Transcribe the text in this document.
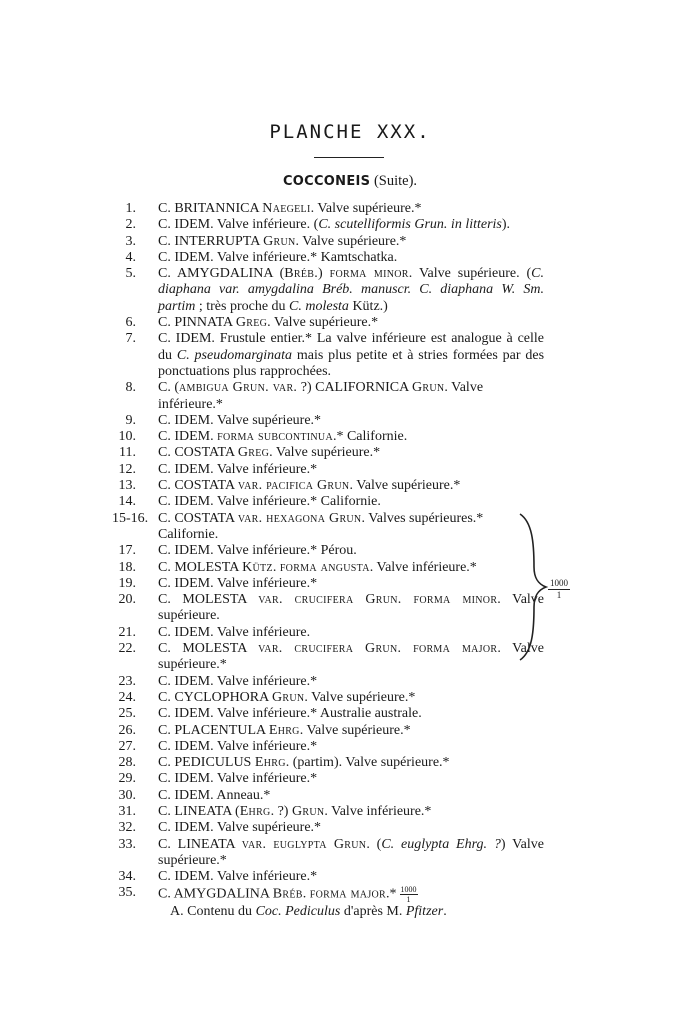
PLANCHE XXX.
COCCONEIS (Suite).
1. C. BRITANNICA Naegeli. Valve supérieure.*
2. C. IDEM. Valve inférieure. (C. scutelliformis Grun. in litteris).
3. C. INTERRUPTA Grun. Valve supérieure.*
4. C. IDEM. Valve inférieure.* Kamtschatka.
5. C. AMYGDALINA (Bréb.) forma minor. Valve supérieure. (C. diaphana var. amygdalina Bréb. manuscr. C. diaphana W. Sm. partim ; très proche du C. molesta Kütz.)
6. C. PINNATA Greg. Valve supérieure.*
7. C. IDEM. Frustule entier.* La valve inférieure est analogue à celle du C. pseudomarginata mais plus petite et à stries formées par des ponctuations plus rapprochées.
8. C. (ambigua Grun. var. ?) CALIFORNICA Grun. Valve inférieure.*
9. C. IDEM. Valve supérieure.*
10. C. IDEM. forma subcontinua.* Californie.
11. C. COSTATA Greg. Valve supérieure.*
12. C. IDEM. Valve inférieure.*
13. C. COSTATA var. pacifica Grun. Valve supérieure.*
14. C. IDEM. Valve inférieure.* Californie.
15-16. C. COSTATA var. hexagona Grun. Valves supérieures.* Californie.
17. C. IDEM. Valve inférieure.* Pérou.
18. C. MOLESTA Kütz. forma angusta. Valve inférieure.*
19. C. IDEM. Valve inférieure.*
20. C. MOLESTA var. crucifera Grun. forma minor. Valve supérieure.
21. C. IDEM. Valve inférieure.
22. C. MOLESTA var. crucifera Grun. forma major. Valve supérieure.*
23. C. IDEM. Valve inférieure.*
24. C. CYCLOPHORA Grun. Valve supérieure.*
25. C. IDEM. Valve inférieure.* Australie australe.
26. C. PLACENTULA Ehrg. Valve supérieure.*
27. C. IDEM. Valve inférieure.*
28. C. PEDICULUS Ehrg. (partim). Valve supérieure.*
29. C. IDEM. Valve inférieure.*
30. C. IDEM. Anneau.*
31. C. LINEATA (Ehrg. ?) Grun. Valve inférieure.*
32. C. IDEM. Valve supérieure.*
33. C. LINEATA var. euglypta Grun. (C. euglypta Ehrg. ?) Valve supérieure.*
34. C. IDEM. Valve inférieure.*
35. C. AMYGDALINA Bréb. forma major.* $\frac{1000}{1}$
A. Contenu du Coc. Pediculus d'après M. Pfitzer.
$\frac{1000}{1}$
